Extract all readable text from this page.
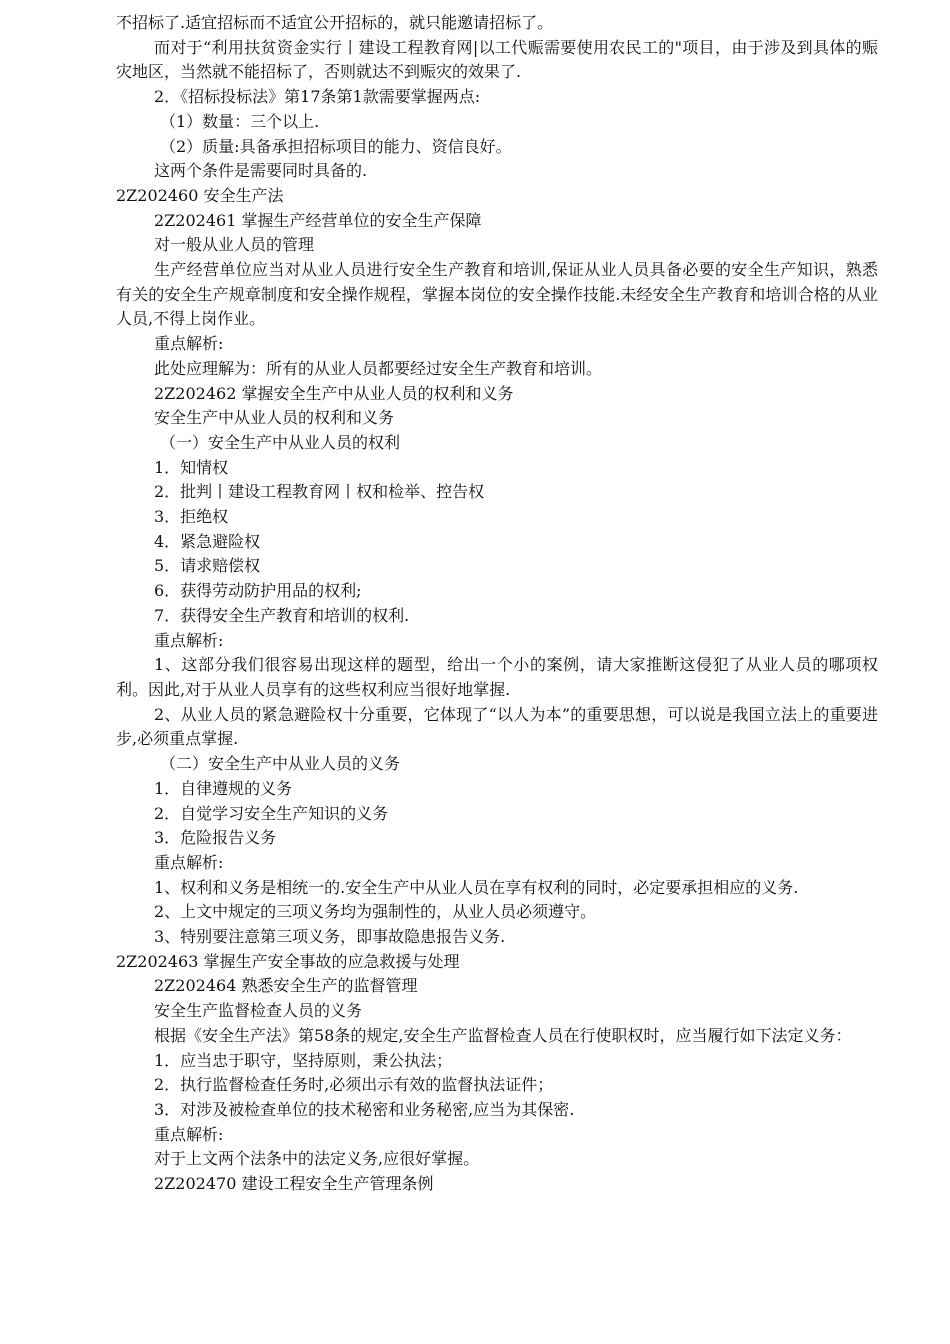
不招标了.适宜招标而不适宜公开招标的，就只能邀请招标了。

而对于“利用扶贫资金实行丨建设工程教育网|以工代赈需要使用农民工的"项目，由于涉及到具体的赈灾地区，当然就不能招标了，否则就达不到赈灾的效果了.

2．《招标投标法》第17条第1款需要掌握两点:

（1）数量：三个以上.

（2）质量:具备承担招标项目的能力、资信良好。

这两个条件是需要同时具备的.

2Z202460 安全生产法

2Z202461 掌握生产经营单位的安全生产保障

对一般从业人员的管理

生产经营单位应当对从业人员进行安全生产教育和培训,保证从业人员具备必要的安全生产知识，熟悉有关的安全生产规章制度和安全操作规程，掌握本岗位的安全操作技能.未经安全生产教育和培训合格的从业人员,不得上岗作业。

重点解析:

此处应理解为：所有的从业人员都要经过安全生产教育和培训。

2Z202462 掌握安全生产中从业人员的权利和义务

安全生产中从业人员的权利和义务

（一）安全生产中从业人员的权利

1．知情权

2．批判丨建设工程教育网丨权和检举、控告权

3．拒绝权

4．紧急避险权

5．请求赔偿权

6．获得劳动防护用品的权利;

7．获得安全生产教育和培训的权利.

重点解析:

1、这部分我们很容易出现这样的题型，给出一个小的案例，请大家推断这侵犯了从业人员的哪项权利。因此,对于从业人员享有的这些权利应当很好地掌握.

2、从业人员的紧急避险权十分重要，它体现了“以人为本”的重要思想，可以说是我国立法上的重要进步,必须重点掌握.

（二）安全生产中从业人员的义务

1．自律遵规的义务

2．自觉学习安全生产知识的义务

3．危险报告义务

重点解析:

1、权利和义务是相统一的.安全生产中从业人员在享有权利的同时，必定要承担相应的义务.

2、上文中规定的三项义务均为强制性的，从业人员必须遵守。

3、特别要注意第三项义务，即事故隐患报告义务.

2Z202463 掌握生产安全事故的应急救援与处理

2Z202464 熟悉安全生产的监督管理

安全生产监督检查人员的义务

根据《安全生产法》第58条的规定,安全生产监督检查人员在行使职权时，应当履行如下法定义务：

1．应当忠于职守，坚持原则，秉公执法；

2．执行监督检查任务时,必须出示有效的监督执法证件；

3．对涉及被检查单位的技术秘密和业务秘密,应当为其保密.

重点解析:

对于上文两个法条中的法定义务,应很好掌握。

2Z202470 建设工程安全生产管理条例
